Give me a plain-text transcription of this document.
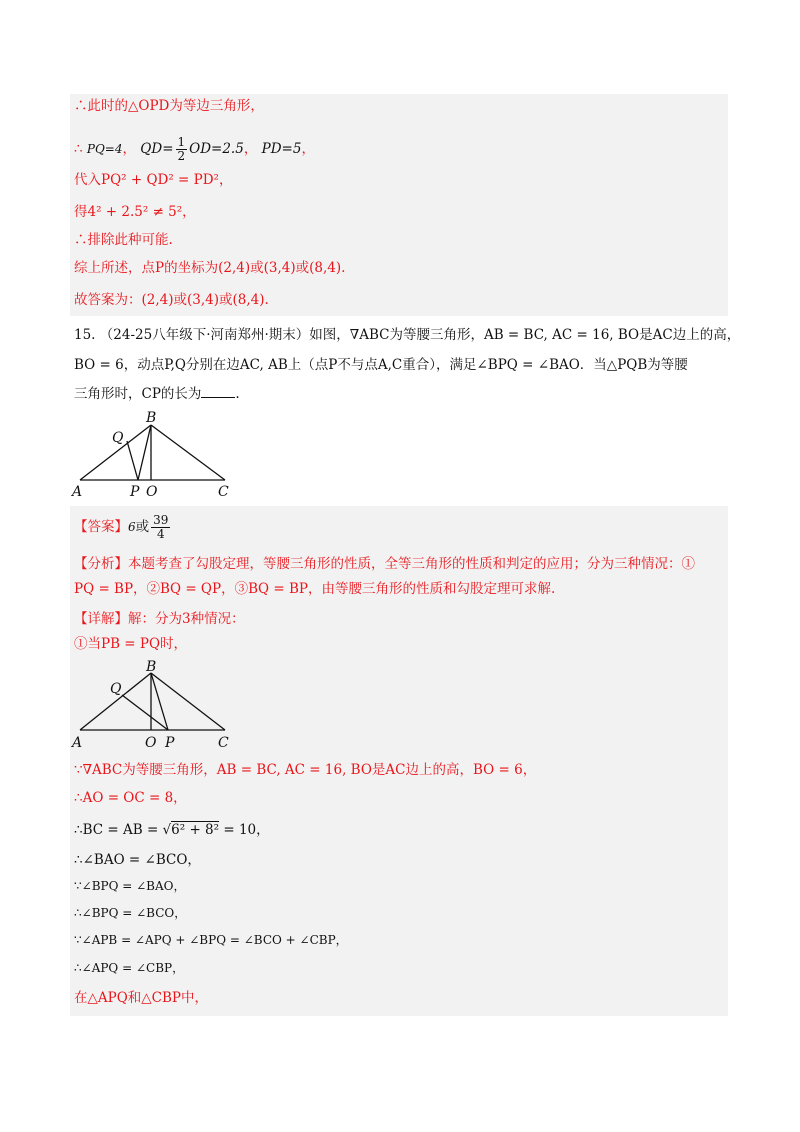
∴此时的△OPD为等边三角形，
∴ PQ=4， $QD= \frac{1}{2} OD=2.5$， PD=5，
代入PQ² + QD² = PD²，
得4² + 2.5² ≠ 5²，
∴排除此种可能.
综上所述，点P的坐标为(2,4)或(3,4)或(8,4).
故答案为：(2,4)或(3,4)或(8,4).
15. （24-25八年级下·河南郑州·期末）如图，∇ABC为等腰三角形，AB = BC, AC = 16, BO是AC边上的高，
BO = 6，动点P,Q分别在边AC, AB上（点P不与点A,C重合），满足∠BPQ = ∠BAO．当△PQB为等腰
三角形时，CP的长为	.
A	P O	C
B
Q
【答案】6或 $\frac{39}{4}$
【分析】本题考查了勾股定理，等腰三角形的性质，全等三角形的性质和判定的应用；分为三种情况：①
PQ = BP，②BQ = QP，③BQ = BP，由等腰三角形的性质和勾股定理可求解.
【详解】解：分为3种情况：
①当PB = PQ时，
A	O P	C
B
Q
∵∇ABC为等腰三角形，AB = BC, AC = 16, BO是AC边上的高，BO = 6，
∴AO = OC = 8，
∴BC = AB = √6² + 8² = 10，
∴∠BAO = ∠BCO，
∵∠BPQ = ∠BAO，
∴∠BPQ = ∠BCO，
∵∠APB = ∠APQ + ∠BPQ = ∠BCO + ∠CBP，
∴∠APQ = ∠CBP，
在△APQ和△CBP中，
